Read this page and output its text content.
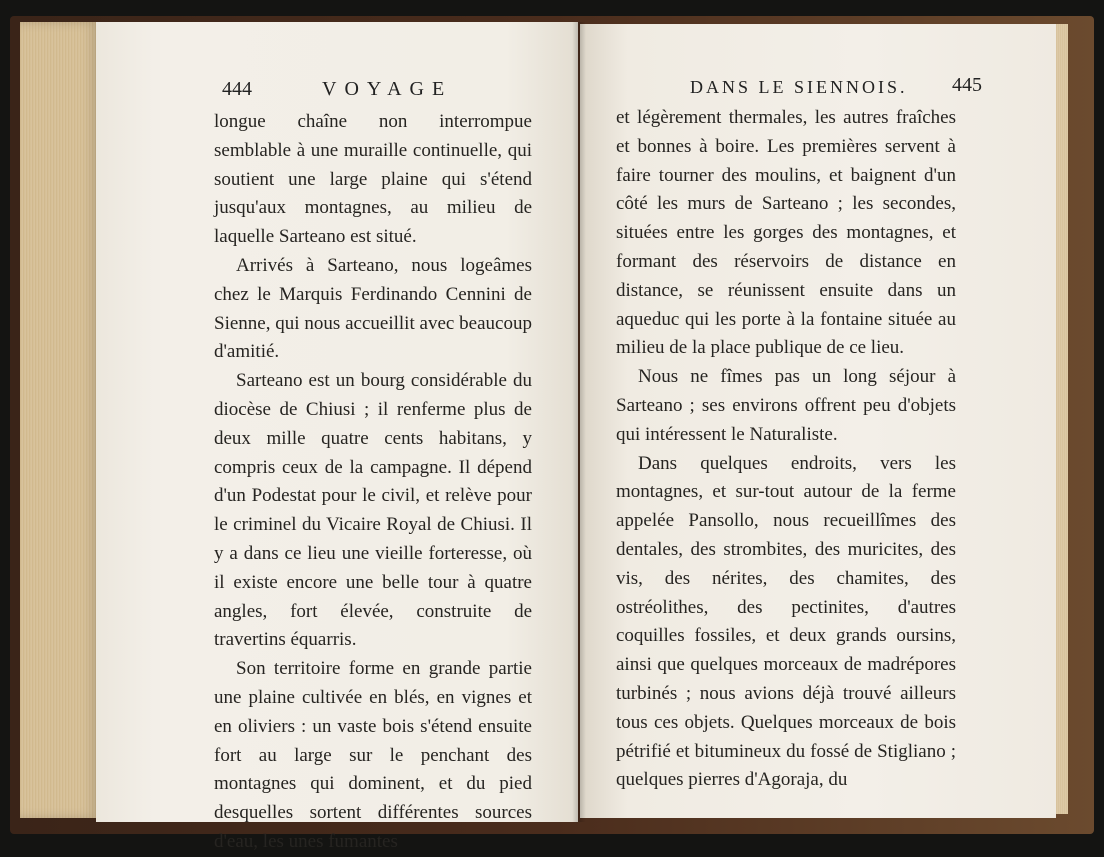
444	VOYAGE	DANS LE SIENNOIS. 445

longue chaîne non interrompue semblable à une muraille continuelle, qui soutient une large plaine qui s'étend jusqu'aux montagnes, au milieu de laquelle Sarteano est situé.

Arrivés à Sarteano, nous logeâmes chez le Marquis Ferdinando Cennini de Sienne, qui nous accueillit avec beaucoup d'amitié.

Sarteano est un bourg considérable du diocèse de Chiusi ; il renferme plus de deux mille quatre cents habitans, y compris ceux de la campagne. Il dépend d'un Podestat pour le civil, et relève pour le criminel du Vicaire Royal de Chiusi. Il y a dans ce lieu une vieille forteresse, où il existe encore une belle tour à quatre angles, fort élevée, construite de travertins équarris.

Son territoire forme en grande partie une plaine cultivée en blés, en vignes et en oliviers : un vaste bois s'étend ensuite fort au large sur le penchant des montagnes qui dominent, et du pied desquelles sortent différentes sources d'eau, les unes fumantes

et légèrement thermales, les autres fraîches et bonnes à boire. Les premières servent à faire tourner des moulins, et baignent d'un côté les murs de Sarteano ; les secondes, situées entre les gorges des montagnes, et formant des réservoirs de distance en distance, se réunissent ensuite dans un aqueduc qui les porte à la fontaine située au milieu de la place publique de ce lieu.

Nous ne fîmes pas un long séjour à Sarteano ; ses environs offrent peu d'objets qui intéressent le Naturaliste.

Dans quelques endroits, vers les montagnes, et sur-tout autour de la ferme appelée Pansollo, nous recueillîmes des dentales, des strombites, des muricites, des vis, des nérites, des chamites, des ostréolithes, des pectinites, d'autres coquilles fossiles, et deux grands oursins, ainsi que quelques morceaux de madrépores turbinés ; nous avions déjà trouvé ailleurs tous ces objets. Quelques morceaux de bois pétrifié et bitumineux du fossé de Stigliano ; quelques pierres d'Agoraja, du
